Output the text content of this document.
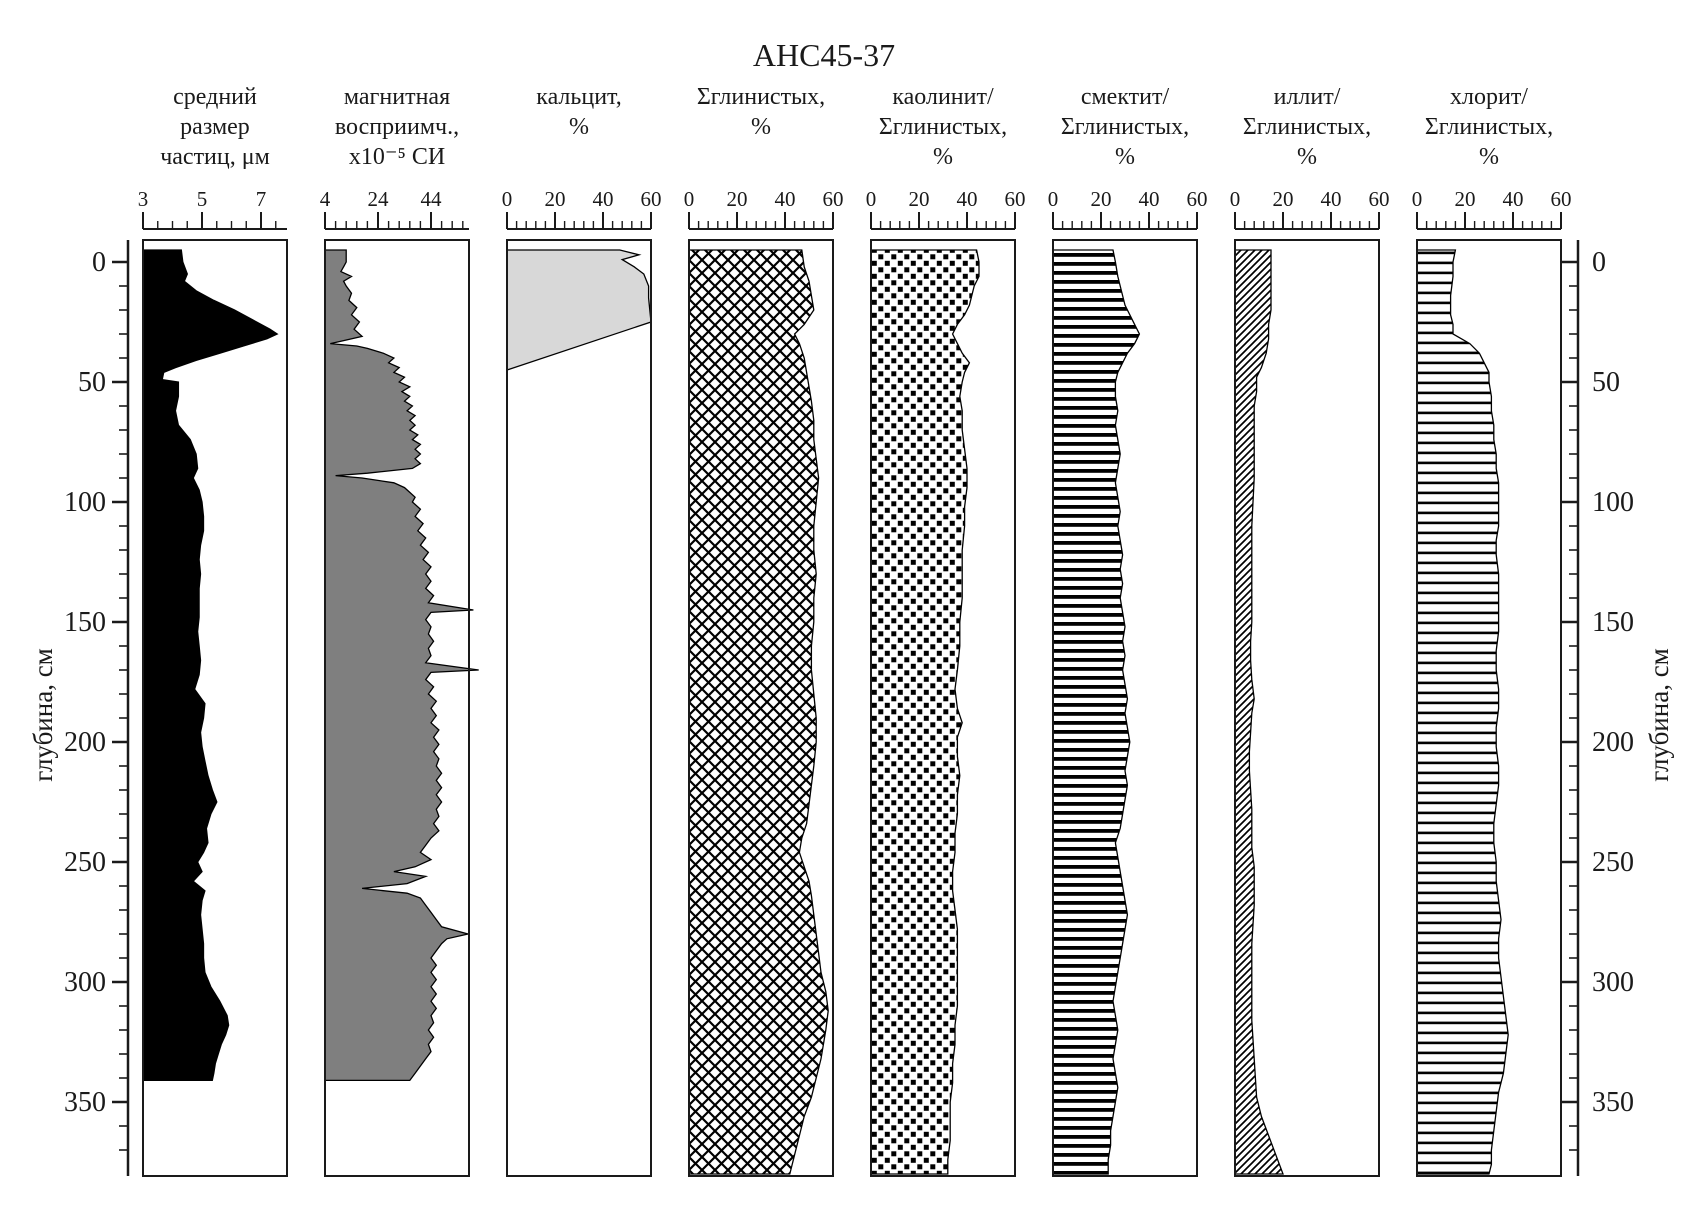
АНС45-37
глубина, см	глубина, см
средний
размер
частиц, μм
3 5 7
магнитная
восприимч.,
х10⁻⁵ СИ
4 24 44
кальцит,
%
0 20 40 60
Σглинистых,
%
0 20 40 60
каолинит/
Σглинистых,
%
0 20 40 60
смектит/
Σглинистых,
%
0 20 40 60
иллит/
Σглинистых,
%
0 20 40 60
хлорит/
Σглинистых,
%
0 20 40 60
0
50
100
150
200
250
300
350
0
50
100
150
200
250
300
350
